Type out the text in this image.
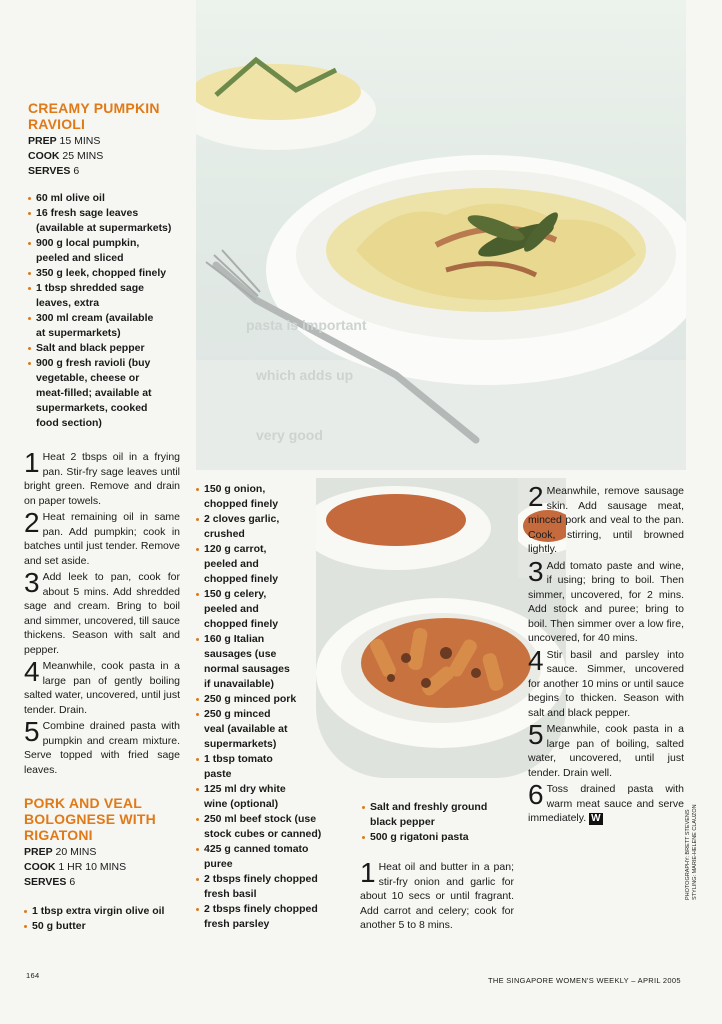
pasta is important
which adds up
very good
CREAMY PUMPKIN
RAVIOLI
PREP 15 MINS
COOK 25 MINS
SERVES 6
60 ml olive oil
16 fresh sage leaves
(available at supermarkets)
900 g local pumpkin,
peeled and sliced
350 g leek, chopped finely
1 tbsp shredded sage
leaves, extra
300 ml cream (available
at supermarkets)
Salt and black pepper
900 g fresh ravioli (buy
vegetable, cheese or
meat-filled; available at
supermarkets, cooked
food section)
1 Heat 2 tbsps oil in a frying pan. Stir-fry sage leaves until bright green. Remove and drain on paper towels.
2 Heat remaining oil in same pan. Add pumpkin; cook in batches until just tender. Remove and set aside.
3 Add leek to pan, cook for about 5 mins. Add shredded sage and cream. Bring to boil and simmer, uncovered, till sauce thickens. Season with salt and pepper.
4 Meanwhile, cook pasta in a large pan of gently boiling salted water, uncovered, until just tender. Drain.
5 Combine drained pasta with pumpkin and cream mixture. Serve topped with fried sage leaves.
PORK AND VEAL
BOLOGNESE WITH
RIGATONI
PREP 20 MINS
COOK 1 HR 10 MINS
SERVES 6
1 tbsp extra virgin olive oil
50 g butter
150 g onion,
chopped finely
2 cloves garlic,
crushed
120 g carrot,
peeled and
chopped finely
150 g celery,
peeled and
chopped finely
160 g Italian
sausages (use
normal sausages
if unavailable)
250 g minced pork
250 g minced
veal (available at
supermarkets)
1 tbsp tomato
paste
125 ml dry white
wine (optional)
250 ml beef stock (use
stock cubes or canned)
425 g canned tomato
puree
2 tbsps finely chopped
fresh basil
2 tbsps finely chopped
fresh parsley
Salt and freshly ground
black pepper
500 g rigatoni pasta
1 Heat oil and butter in a pan; stir-fry onion and garlic for about 10 secs or until fragrant. Add carrot and celery; cook for another 5 to 8 mins.
2 Meanwhile, remove sausage skin. Add sausage meat, minced pork and veal to the pan. Cook, stirring, until browned lightly.
3 Add tomato paste and wine, if using; bring to boil. Then simmer, uncovered, for 2 mins. Add stock and puree; bring to boil. Then simmer over a low fire, uncovered, for 40 mins.
4 Stir basil and parsley into sauce. Simmer, uncovered for another 10 mins or until sauce begins to thicken. Season with salt and black pepper.
5 Meanwhile, cook pasta in a large pan of boiling, salted water, uncovered, until just tender. Drain well.
6 Toss drained pasta with warm meat sauce and serve immediately. W
164
THE SINGAPORE WOMEN'S WEEKLY – APRIL 2005
PHOTOGRAPHY: BRETT STEVENS STYLING: MARIE-HELENE CLAUZON
